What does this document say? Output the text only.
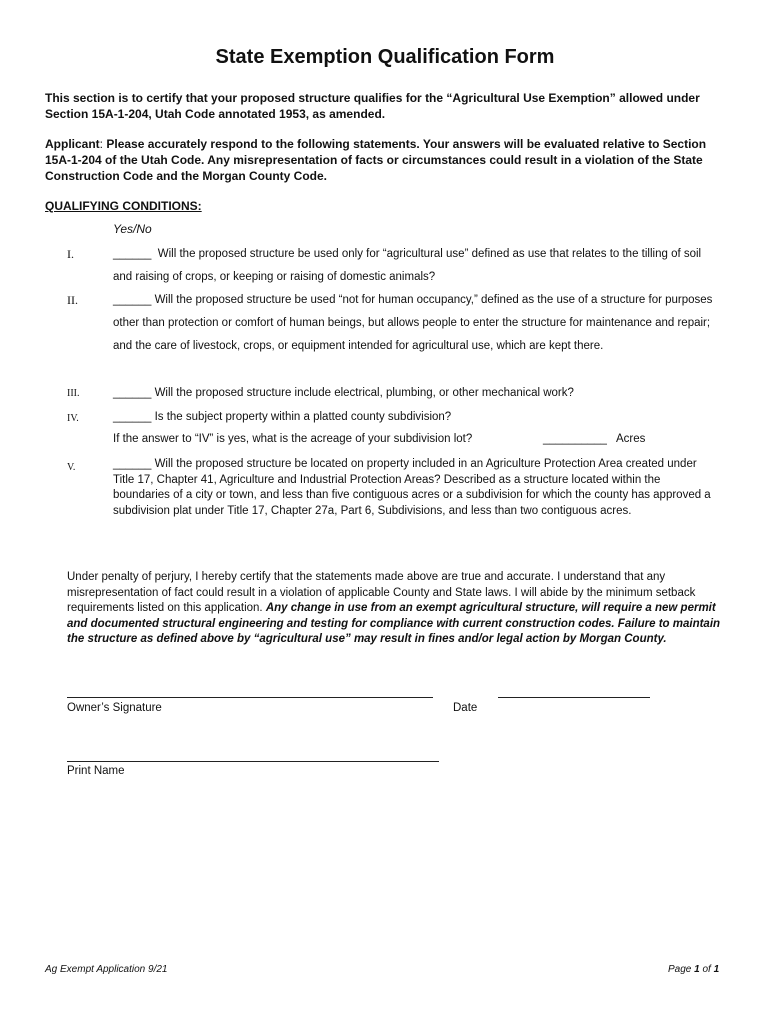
State Exemption Qualification Form
This section is to certify that your proposed structure qualifies for the “Agricultural Use Exemption” allowed under Section 15A-1-204, Utah Code annotated 1953, as amended.
Applicant: Please accurately respond to the following statements. Your answers will be evaluated relative to Section 15A-1-204 of the Utah Code. Any misrepresentation of facts or circumstances could result in a violation of the State Construction Code and the Morgan County Code.
QUALIFYING CONDITIONS:
Yes/No
I.	______ Will the proposed structure be used only for “agricultural use” defined as use that relates to the tilling of soil and raising of crops, or keeping or raising of domestic animals?
II.	______ Will the proposed structure be used “not for human occupancy,” defined as the use of a structure for purposes other than protection or comfort of human beings, but allows people to enter the structure for maintenance and repair; and the care of livestock, crops, or equipment intended for agricultural use, which are kept there.
III.	______ Will the proposed structure include electrical, plumbing, or other mechanical work?
IV.	______ Is the subject property within a platted county subdivision?
If the answer to “IV” is yes, what is the acreage of your subdivision lot?	__________ Acres
V.	______ Will the proposed structure be located on property included in an Agriculture Protection Area created under Title 17, Chapter 41, Agriculture and Industrial Protection Areas? Described as a structure located within the boundaries of a city or town, and less than five contiguous acres or a subdivision for which the county has approved a subdivision plat under Title 17, Chapter 27a, Part 6, Subdivisions, and less than two contiguous acres.
Under penalty of perjury, I hereby certify that the statements made above are true and accurate. I understand that any misrepresentation of fact could result in a violation of applicable County and State laws. I will abide by the minimum setback requirements listed on this application. Any change in use from an exempt agricultural structure, will require a new permit and documented structural engineering and testing for compliance with current construction codes. Failure to maintain the structure as defined above by “agricultural use” may result in fines and/or legal action by Morgan County.
Owner’s Signature	Date
Print Name
Ag Exempt Application 9/21	Page 1 of 1
